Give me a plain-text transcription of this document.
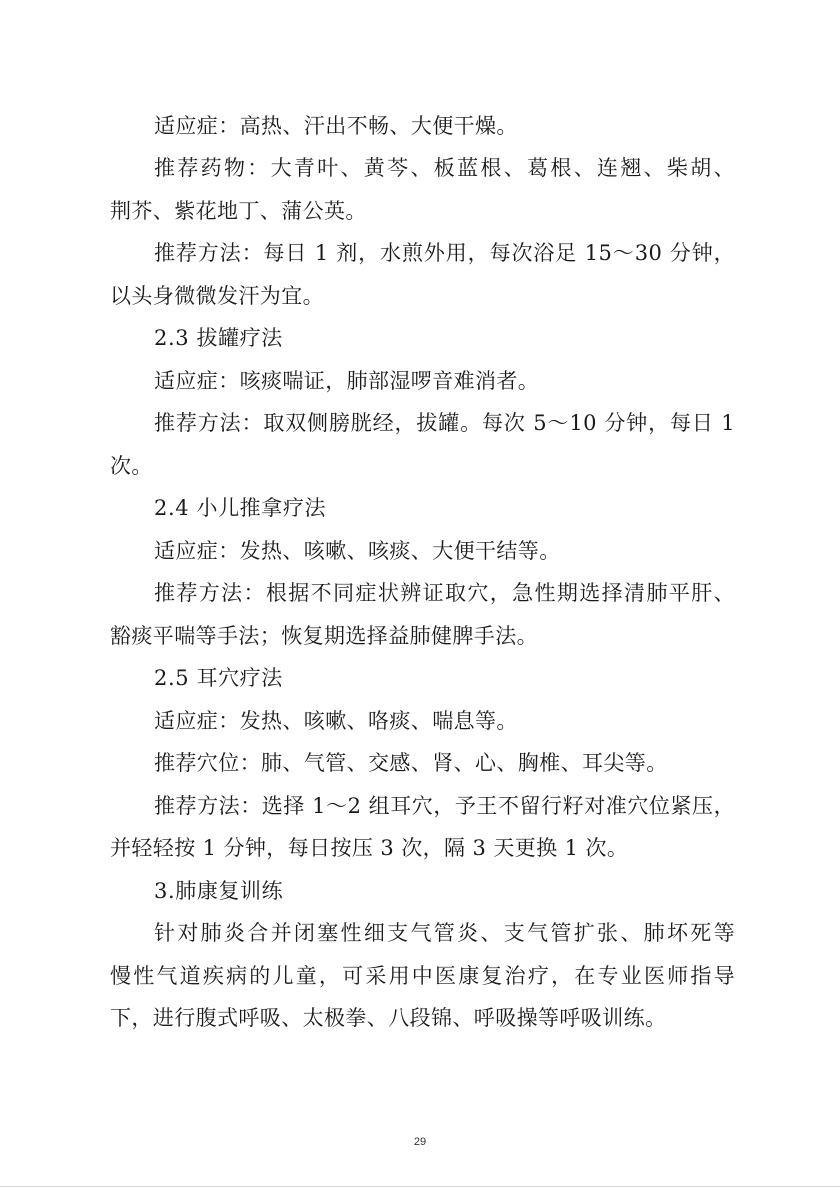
适应症：高热、汗出不畅、大便干燥。
推荐药物：大青叶、黄芩、板蓝根、葛根、连翘、柴胡、
荆芥、紫花地丁、蒲公英。
推荐方法：每日 1 剂，水煎外用，每次浴足 15～30 分钟，
以头身微微发汗为宜。
2.3 拔罐疗法
适应症：咳痰喘证，肺部湿啰音难消者。
推荐方法：取双侧膀胱经，拔罐。每次 5～10 分钟，每日 1
次。
2.4 小儿推拿疗法
适应症：发热、咳嗽、咳痰、大便干结等。
推荐方法：根据不同症状辨证取穴，急性期选择清肺平肝、
豁痰平喘等手法；恢复期选择益肺健脾手法。
2.5 耳穴疗法
适应症：发热、咳嗽、咯痰、喘息等。
推荐穴位：肺、气管、交感、肾、心、胸椎、耳尖等。
推荐方法：选择 1～2 组耳穴，予王不留行籽对准穴位紧压，
并轻轻按 1 分钟，每日按压 3 次，隔 3 天更换 1 次。
3.肺康复训练
针对肺炎合并闭塞性细支气管炎、支气管扩张、肺坏死等
慢性气道疾病的儿童，可采用中医康复治疗，在专业医师指导
下，进行腹式呼吸、太极拳、八段锦、呼吸操等呼吸训练。
29
